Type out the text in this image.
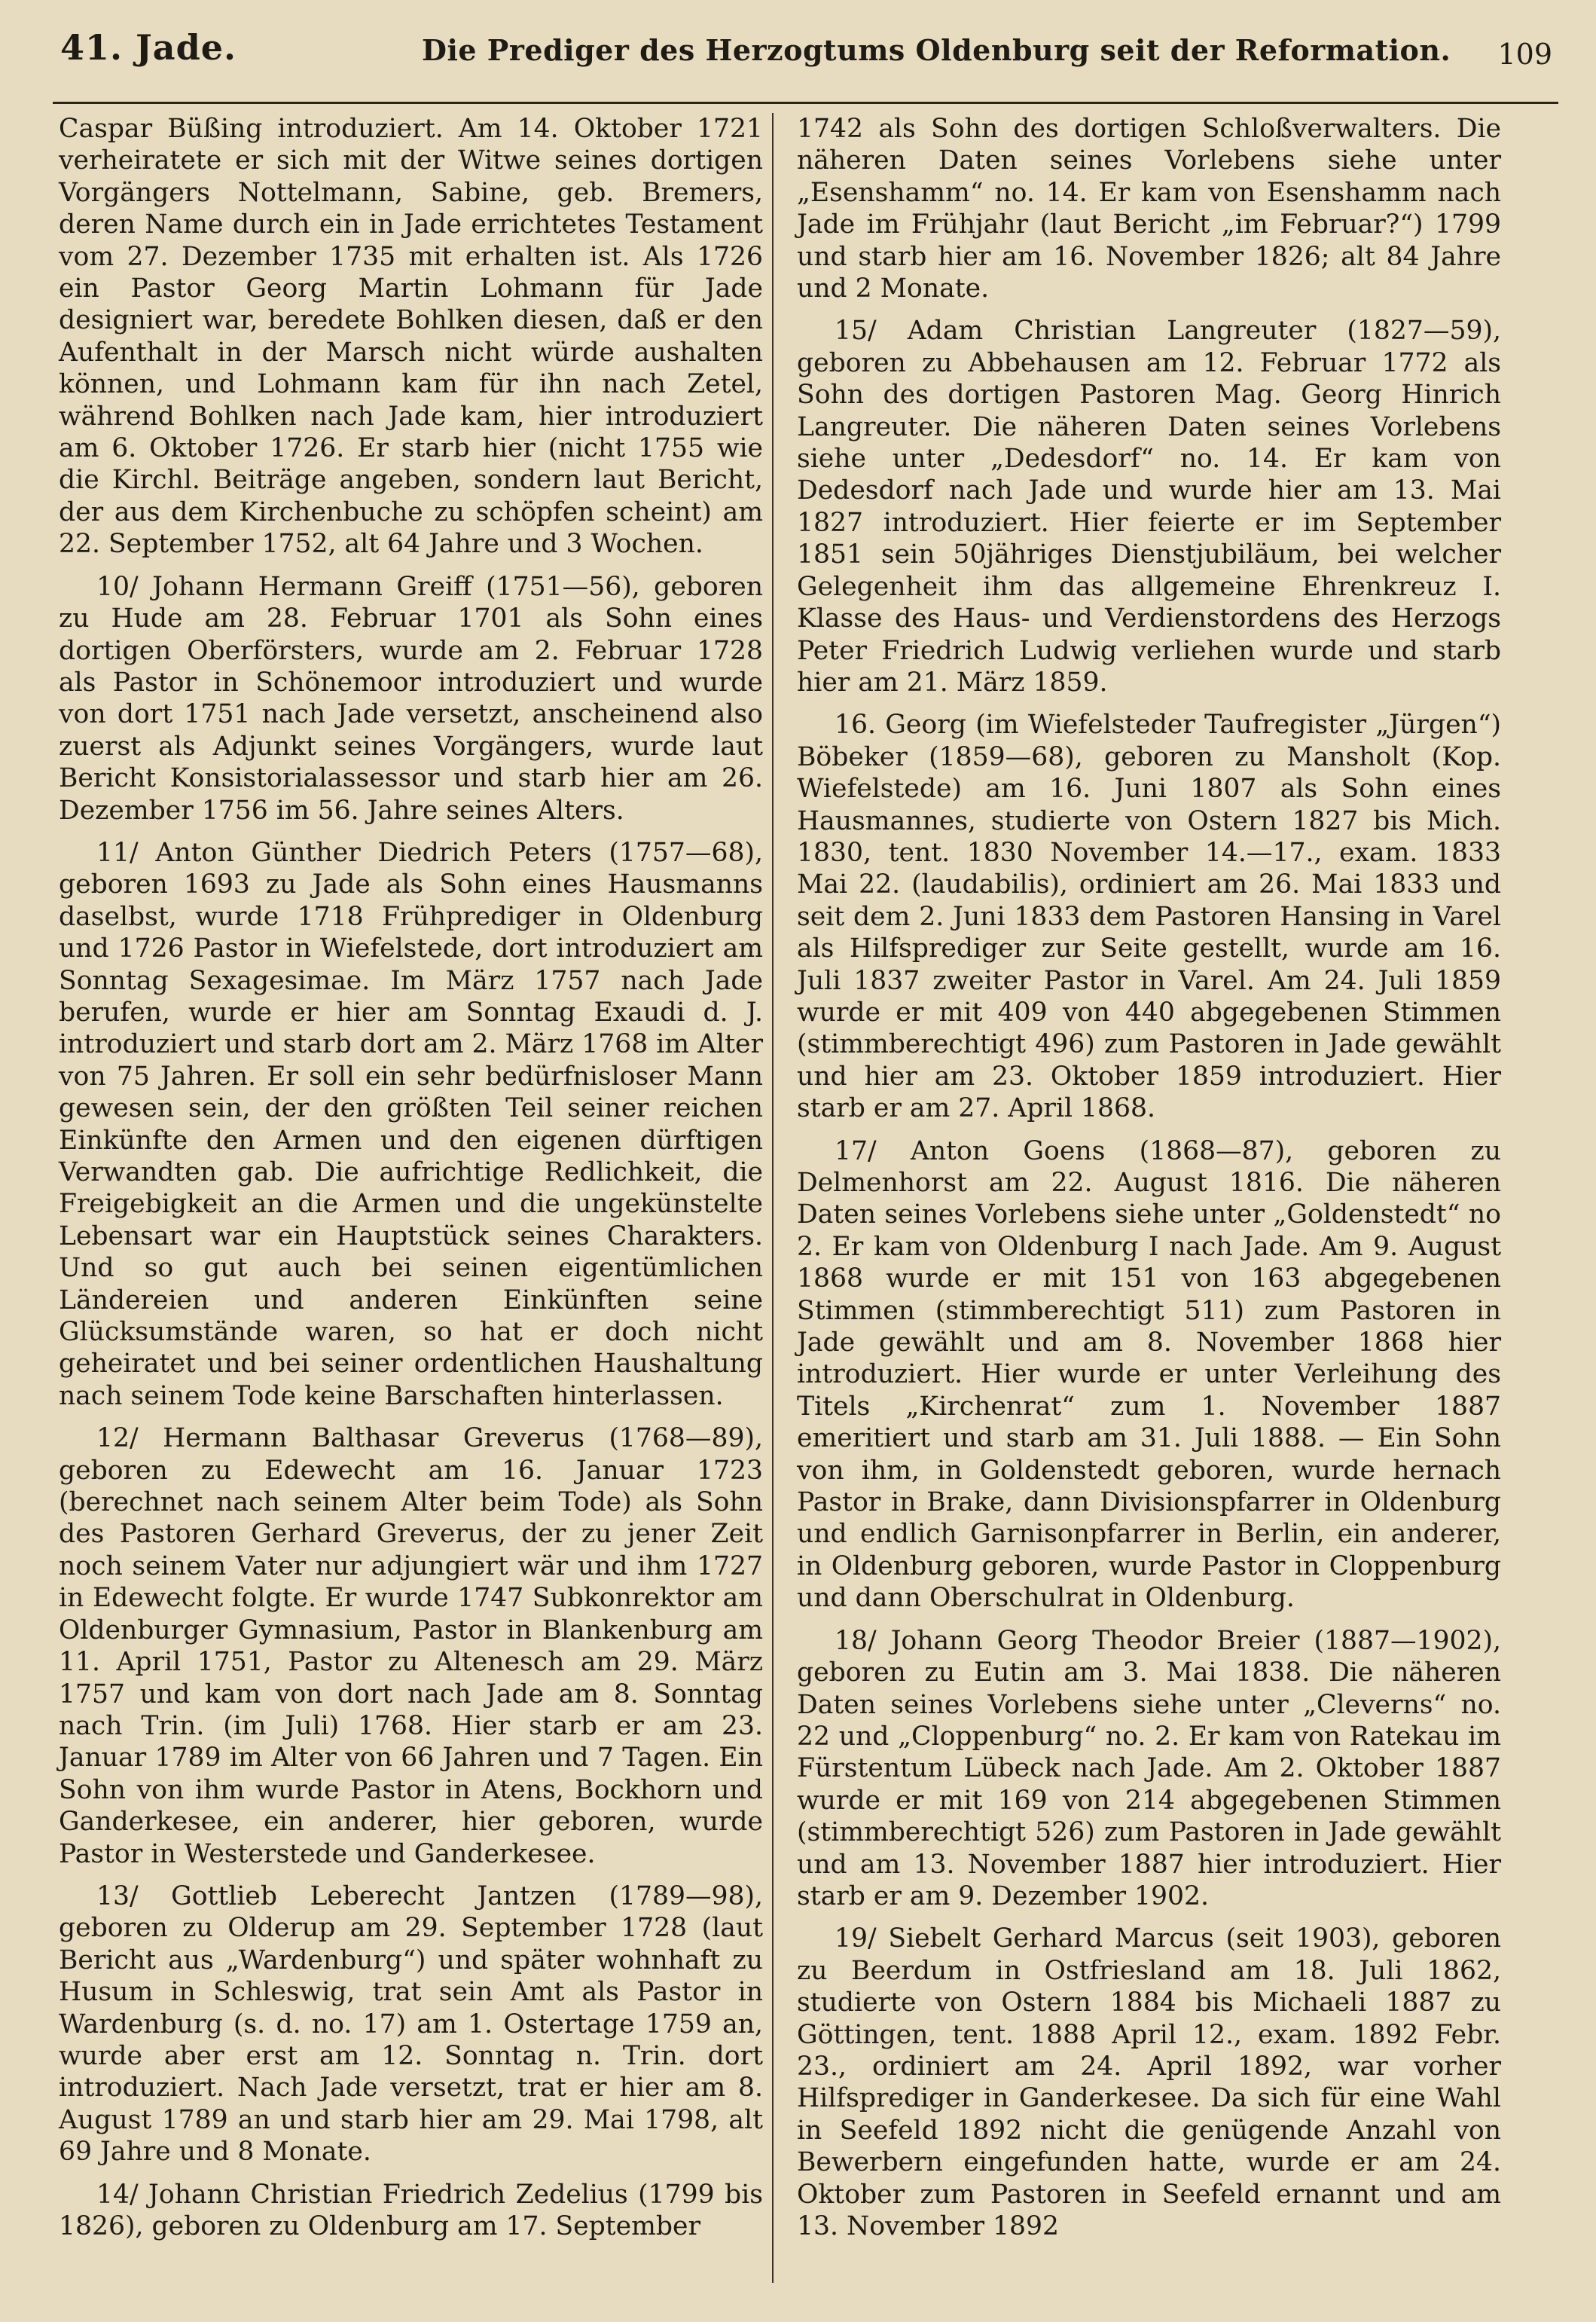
41. Jade.	Die Prediger des Herzogtums Oldenburg seit der Reformation. 109

Caspar Büßing introduziert. Am 14. Oktober 1721 verheiratete er sich mit der Witwe seines dortigen Vorgängers Nottelmann, Sabine, geb. Bremers, deren Name durch ein in Jade errichtetes Testament vom 27. Dezember 1735 mit erhalten ist. Als 1726 ein Pastor Georg Martin Lohmann für Jade designiert war, beredete Bohlken diesen, daß er den Aufenthalt in der Marsch nicht würde aushalten können, und Lohmann kam für ihn nach Zetel, während Bohlken nach Jade kam, hier introduziert am 6. Oktober 1726. Er starb hier (nicht 1755 wie die Kirchl. Beiträge angeben, sondern laut Bericht, der aus dem Kirchenbuche zu schöpfen scheint) am 22. September 1752, alt 64 Jahre und 3 Wochen.

10/ Johann Hermann Greiff (1751—56), geboren zu Hude am 28. Februar 1701 als Sohn eines dortigen Oberförsters, wurde am 2. Februar 1728 als Pastor in Schönemoor introduziert und wurde von dort 1751 nach Jade versetzt, anscheinend also zuerst als Adjunkt seines Vorgängers, wurde laut Bericht Konsistorialassessor und starb hier am 26. Dezember 1756 im 56. Jahre seines Alters.

11/ Anton Günther Diedrich Peters (1757—68), geboren 1693 zu Jade als Sohn eines Hausmanns daselbst, wurde 1718 Frühprediger in Oldenburg und 1726 Pastor in Wiefelstede, dort introduziert am Sonntag Sexagesimae. Im März 1757 nach Jade berufen, wurde er hier am Sonntag Exaudi d. J. introduziert und starb dort am 2. März 1768 im Alter von 75 Jahren. Er soll ein sehr bedürfnisloser Mann gewesen sein, der den größten Teil seiner reichen Einkünfte den Armen und den eigenen dürftigen Verwandten gab. Die aufrichtige Redlichkeit, die Freigebigkeit an die Armen und die ungekünstelte Lebensart war ein Hauptstück seines Charakters. Und so gut auch bei seinen eigentümlichen Ländereien und anderen Einkünften seine Glücksumstände waren, so hat er doch nicht geheiratet und bei seiner ordentlichen Haushaltung nach seinem Tode keine Barschaften hinterlassen.

12/ Hermann Balthasar Greverus (1768—89), geboren zu Edewecht am 16. Januar 1723 (berechnet nach seinem Alter beim Tode) als Sohn des Pastoren Gerhard Greverus, der zu jener Zeit noch seinem Vater nur adjungiert wär und ihm 1727 in Edewecht folgte. Er wurde 1747 Subkonrektor am Oldenburger Gymnasium, Pastor in Blankenburg am 11. April 1751, Pastor zu Altenesch am 29. März 1757 und kam von dort nach Jade am 8. Sonntag nach Trin. (im Juli) 1768. Hier starb er am 23. Januar 1789 im Alter von 66 Jahren und 7 Tagen. Ein Sohn von ihm wurde Pastor in Atens, Bockhorn und Ganderkesee, ein anderer, hier geboren, wurde Pastor in Westerstede und Ganderkesee.

13/ Gottlieb Leberecht Jantzen (1789—98), geboren zu Olderup am 29. September 1728 (laut Bericht aus „Wardenburg“) und später wohnhaft zu Husum in Schleswig, trat sein Amt als Pastor in Wardenburg (s. d. no. 17) am 1. Ostertage 1759 an, wurde aber erst am 12. Sonntag n. Trin. dort introduziert. Nach Jade versetzt, trat er hier am 8. August 1789 an und starb hier am 29. Mai 1798, alt 69 Jahre und 8 Monate.

14/ Johann Christian Friedrich Zedelius (1799 bis 1826), geboren zu Oldenburg am 17. September

1742 als Sohn des dortigen Schloßverwalters. Die näheren Daten seines Vorlebens siehe unter „Esenshamm“ no. 14. Er kam von Esenshamm nach Jade im Frühjahr (laut Bericht „im Februar?“) 1799 und starb hier am 16. November 1826; alt 84 Jahre und 2 Monate.

15/ Adam Christian Langreuter (1827—59), geboren zu Abbehausen am 12. Februar 1772 als Sohn des dortigen Pastoren Mag. Georg Hinrich Langreuter. Die näheren Daten seines Vorlebens siehe unter „Dedesdorf“ no. 14. Er kam von Dedesdorf nach Jade und wurde hier am 13. Mai 1827 introduziert. Hier feierte er im September 1851 sein 50jähriges Dienstjubiläum, bei welcher Gelegenheit ihm das allgemeine Ehrenkreuz I. Klasse des Haus- und Verdienstordens des Herzogs Peter Friedrich Ludwig verliehen wurde und starb hier am 21. März 1859.

16. Georg (im Wiefelsteder Taufregister „Jürgen“) Böbeker (1859—68), geboren zu Mansholt (Kop. Wiefelstede) am 16. Juni 1807 als Sohn eines Hausmannes, studierte von Ostern 1827 bis Mich. 1830, tent. 1830 November 14.—17., exam. 1833 Mai 22. (laudabilis), ordiniert am 26. Mai 1833 und seit dem 2. Juni 1833 dem Pastoren Hansing in Varel als Hilfsprediger zur Seite gestellt, wurde am 16. Juli 1837 zweiter Pastor in Varel. Am 24. Juli 1859 wurde er mit 409 von 440 abgegebenen Stimmen (stimmberechtigt 496) zum Pastoren in Jade gewählt und hier am 23. Oktober 1859 introduziert. Hier starb er am 27. April 1868.

17/ Anton Goens (1868—87), geboren zu Delmenhorst am 22. August 1816. Die näheren Daten seines Vorlebens siehe unter „Goldenstedt“ no 2. Er kam von Oldenburg I nach Jade. Am 9. August 1868 wurde er mit 151 von 163 abgegebenen Stimmen (stimmberechtigt 511) zum Pastoren in Jade gewählt und am 8. November 1868 hier introduziert. Hier wurde er unter Verleihung des Titels „Kirchenrat“ zum 1. November 1887 emeritiert und starb am 31. Juli 1888. — Ein Sohn von ihm, in Goldenstedt geboren, wurde hernach Pastor in Brake, dann Divisionspfarrer in Oldenburg und endlich Garnisonpfarrer in Berlin, ein anderer, in Oldenburg geboren, wurde Pastor in Cloppenburg und dann Oberschulrat in Oldenburg.

18/ Johann Georg Theodor Breier (1887—1902), geboren zu Eutin am 3. Mai 1838. Die näheren Daten seines Vorlebens siehe unter „Cleverns“ no. 22 und „Cloppenburg“ no. 2. Er kam von Ratekau im Fürstentum Lübeck nach Jade. Am 2. Oktober 1887 wurde er mit 169 von 214 abgegebenen Stimmen (stimmberechtigt 526) zum Pastoren in Jade gewählt und am 13. November 1887 hier introduziert. Hier starb er am 9. Dezember 1902.

19/ Siebelt Gerhard Marcus (seit 1903), geboren zu Beerdum in Ostfriesland am 18. Juli 1862, studierte von Ostern 1884 bis Michaeli 1887 zu Göttingen, tent. 1888 April 12., exam. 1892 Febr. 23., ordiniert am 24. April 1892, war vorher Hilfsprediger in Ganderkesee. Da sich für eine Wahl in Seefeld 1892 nicht die genügende Anzahl von Bewerbern eingefunden hatte, wurde er am 24. Oktober zum Pastoren in Seefeld ernannt und am 13. November 1892
